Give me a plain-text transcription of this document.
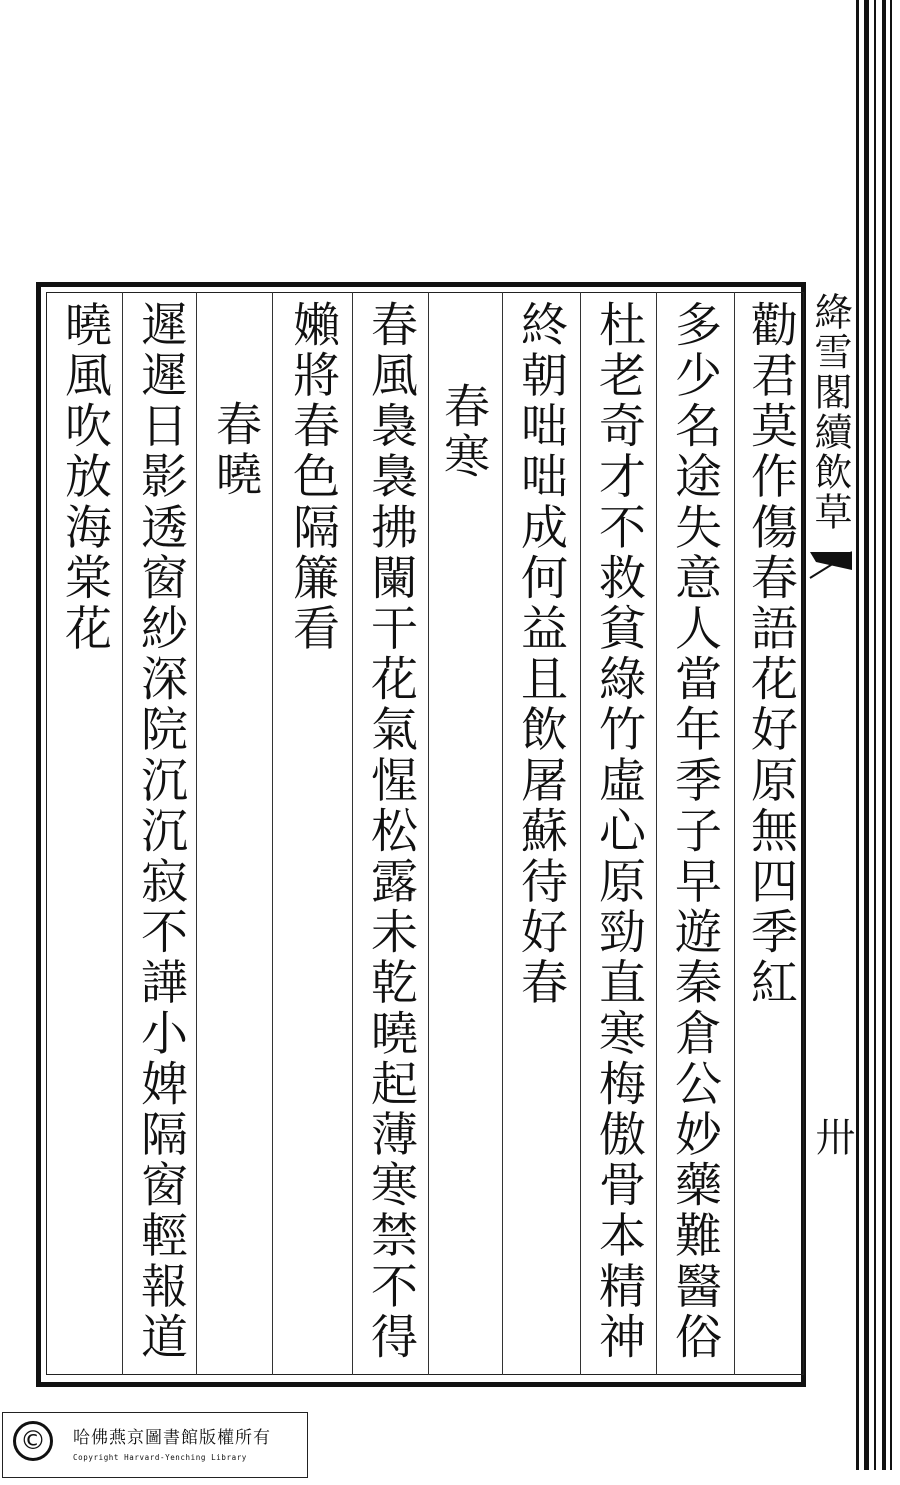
絳雪閣續飲草
卅
勸君莫作傷春語花好原無四季紅
多少名途失意人當年季子早遊秦倉公妙藥難醫俗
杜老奇才不救貧綠竹虛心原勁直寒梅傲骨本精神
終朝咄咄成何益且飲屠蘇待好春
春寒
春風裊裊拂闌干花氣惺松露未乾曉起薄寒禁不得
嬾將春色隔簾看
春曉
遲遲日影透窗紗深院沉沉寂不譁小婢隔窗輕報道
曉風吹放海棠花
©	哈佛燕京圖書館版權所有
Copyright Harvard-Yenching Library
